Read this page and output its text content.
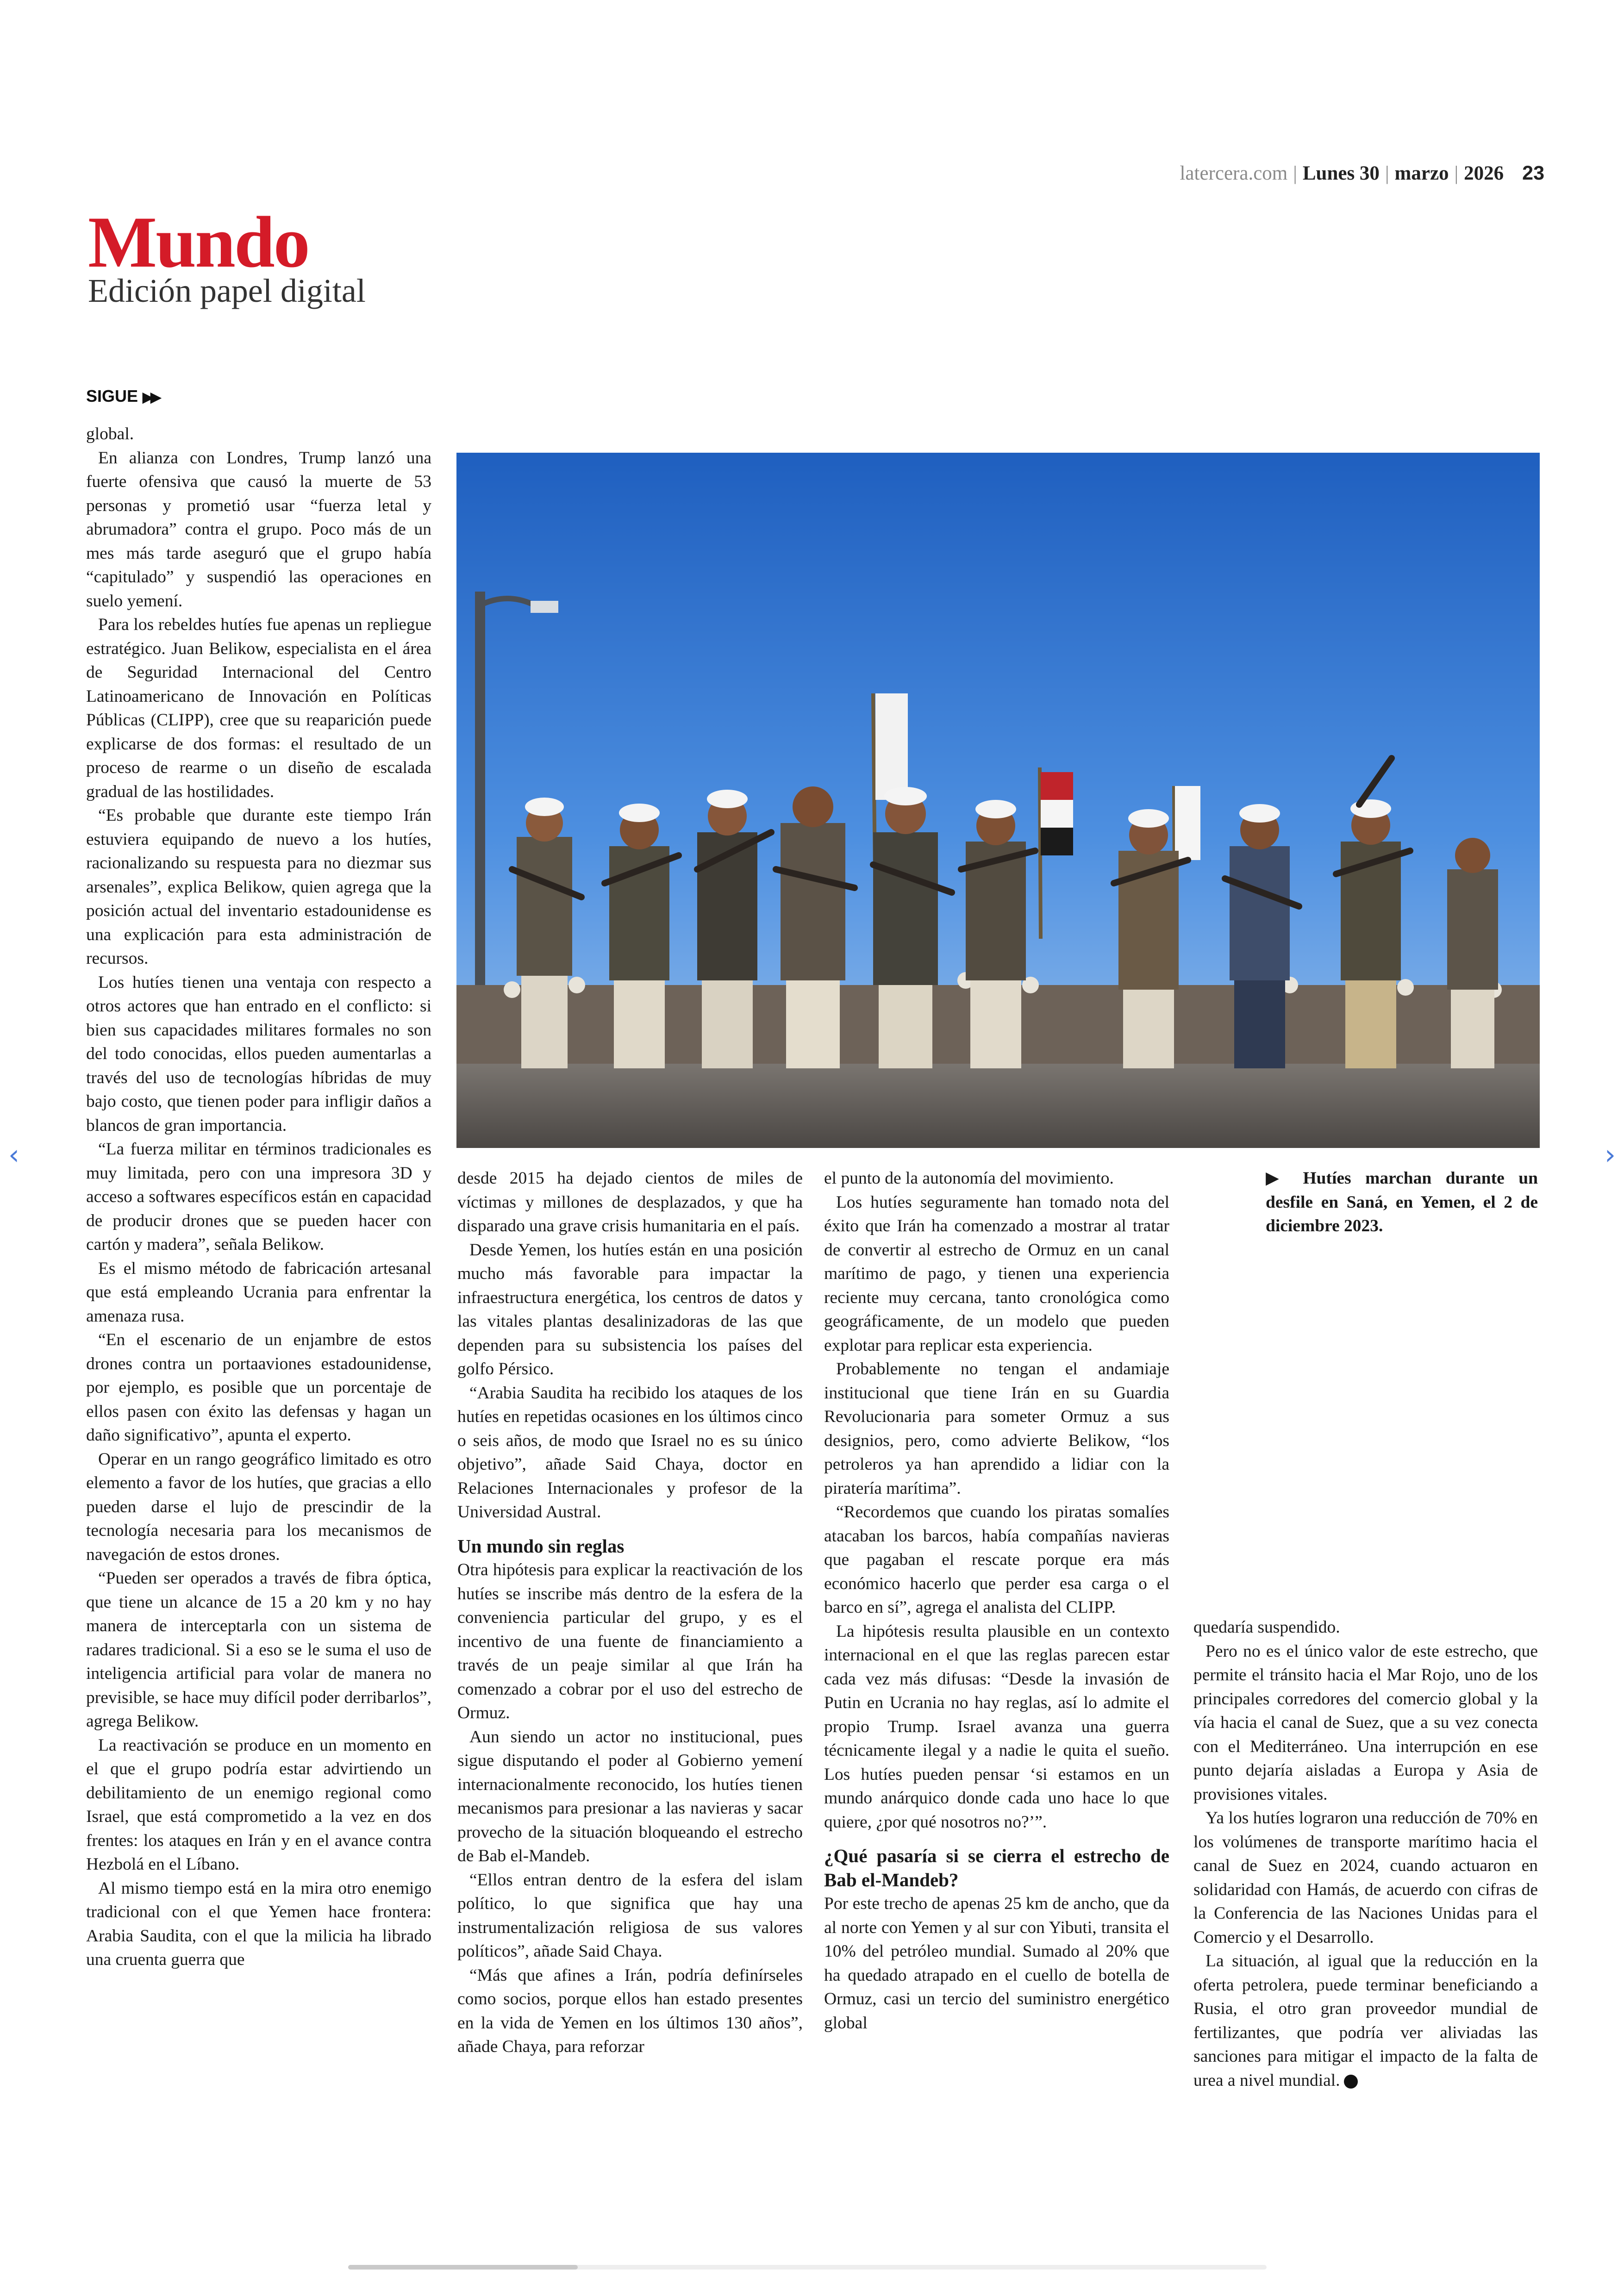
latercera.com | Lunes 30 | marzo | 2026 23
Mundo
Edición papel digital
SIGUE ▶▶

global.

En alianza con Londres, Trump lanzó una fuerte ofensiva que causó la muerte de 53 personas y prometió usar “fuerza letal y abrumadora” contra el grupo. Poco más de un mes más tarde aseguró que el grupo había “capitulado” y suspendió las operaciones en suelo yemení.

Para los rebeldes hutíes fue apenas un repliegue estratégico. Juan Belikow, especialista en el área de Seguridad Internacional del Centro Latinoamericano de Innovación en Políticas Públicas (CLIPP), cree que su reaparición puede explicarse de dos formas: el resultado de un proceso de rearme o un diseño de escalada gradual de las hostilidades.

“Es probable que durante este tiempo Irán estuviera equipando de nuevo a los hutíes, racionalizando su respuesta para no diezmar sus arsenales”, explica Belikow, quien agrega que la posición actual del inventario estadounidense es una explicación para esta administración de recursos.

Los hutíes tienen una ventaja con respecto a otros actores que han entrado en el conflicto: si bien sus capacidades militares formales no son del todo conocidas, ellos pueden aumentarlas a través del uso de tecnologías híbridas de muy bajo costo, que tienen poder para infligir daños a blancos de gran importancia.

“La fuerza militar en términos tradicionales es muy limitada, pero con una impresora 3D y acceso a softwares específicos están en capacidad de producir drones que se pueden hacer con cartón y madera”, señala Belikow.

Es el mismo método de fabricación artesanal que está empleando Ucrania para enfrentar la amenaza rusa.

“En el escenario de un enjambre de estos drones contra un portaaviones estadounidense, por ejemplo, es posible que un porcentaje de ellos pasen con éxito las defensas y hagan un daño significativo”, apunta el experto.

Operar en un rango geográfico limitado es otro elemento a favor de los hutíes, que gracias a ello pueden darse el lujo de prescindir de la tecnología necesaria para los mecanismos de navegación de estos drones.

“Pueden ser operados a través de fibra óptica, que tiene un alcance de 15 a 20 km y no hay manera de interceptarla con un sistema de radares tradicional. Si a eso se le suma el uso de inteligencia artificial para volar de manera no previsible, se hace muy difícil poder derribarlos”, agrega Belikow.

La reactivación se produce en un momento en el que el grupo podría estar advirtiendo un debilitamiento de un enemigo regional como Israel, que está comprometido a la vez en dos frentes: los ataques en Irán y en el avance contra Hezbolá en el Líbano.

Al mismo tiempo está en la mira otro enemigo tradicional con el que Yemen hace frontera: Arabia Saudita, con el que la milicia ha librado una cruenta guerra que

desde 2015 ha dejado cientos de miles de víctimas y millones de desplazados, y que ha disparado una grave crisis humanitaria en el país.

Desde Yemen, los hutíes están en una posición mucho más favorable para impactar la infraestructura energética, los centros de datos y las vitales plantas desalinizadoras de las que dependen para su subsistencia los países del golfo Pérsico.

“Arabia Saudita ha recibido los ataques de los hutíes en repetidas ocasiones en los últimos cinco o seis años, de modo que Israel no es su único objetivo”, añade Said Chaya, doctor en Relaciones Internacionales y profesor de la Universidad Austral.

Un mundo sin reglas

Otra hipótesis para explicar la reactivación de los hutíes se inscribe más dentro de la esfera de la conveniencia particular del grupo, y es el incentivo de una fuente de financiamiento a través de un peaje similar al que Irán ha comenzado a cobrar por el uso del estrecho de Ormuz.

Aun siendo un actor no institucional, pues sigue disputando el poder al Gobierno yemení internacionalmente reconocido, los hutíes tienen mecanismos para presionar a las navieras y sacar provecho de la situación bloqueando el estrecho de Bab el-Mandeb.

“Ellos entran dentro de la esfera del islam político, lo que significa que hay una instrumentalización religiosa de sus valores políticos”, añade Said Chaya.

“Más que afines a Irán, podría definírseles como socios, porque ellos han estado presentes en la vida de Yemen en los últimos 130 años”, añade Chaya, para reforzar

el punto de la autonomía del movimiento.

Los hutíes seguramente han tomado nota del éxito que Irán ha comenzado a mostrar al tratar de convertir al estrecho de Ormuz en un canal marítimo de pago, y tienen una experiencia reciente muy cercana, tanto cronológica como geográficamente, de un modelo que pueden explotar para replicar esta experiencia.

Probablemente no tengan el andamiaje institucional que tiene Irán en su Guardia Revolucionaria para someter Ormuz a sus designios, pero, como advierte Belikow, “los petroleros ya han aprendido a lidiar con la piratería marítima”.

“Recordemos que cuando los piratas somalíes atacaban los barcos, había compañías navieras que pagaban el rescate porque era más económico hacerlo que perder esa carga o el barco en sí”, agrega el analista del CLIPP.

La hipótesis resulta plausible en un contexto internacional en el que las reglas parecen estar cada vez más difusas: “Desde la invasión de Putin en Ucrania no hay reglas, así lo admite el propio Trump. Israel avanza una guerra técnicamente ilegal y a nadie le quita el sueño. Los hutíes pueden pensar ‘si estamos en un mundo anárquico donde cada uno hace lo que quiere, ¿por qué nosotros no?’”.

¿Qué pasaría si se cierra el estrecho de Bab el-Mandeb?

Por este trecho de apenas 25 km de ancho, que da al norte con Yemen y al sur con Yibuti, transita el 10% del petróleo mundial. Sumado al 20% que ha quedado atrapado en el cuello de botella de Ormuz, casi un tercio del suministro energético global

▶ Hutíes marchan durante un desfile en Saná, en Yemen, el 2 de diciembre 2023.

quedaría suspendido.

Pero no es el único valor de este estrecho, que permite el tránsito hacia el Mar Rojo, uno de los principales corredores del comercio global y la vía hacia el canal de Suez, que a su vez conecta con el Mediterráneo. Una interrupción en ese punto dejaría aisladas a Europa y Asia de provisiones vitales.

Ya los hutíes lograron una reducción de 70% en los volúmenes de transporte marítimo hacia el canal de Suez en 2024, cuando actuaron en solidaridad con Hamás, de acuerdo con cifras de la Conferencia de las Naciones Unidas para el Comercio y el Desarrollo.

La situación, al igual que la reducción en la oferta petrolera, puede terminar beneficiando a Rusia, el otro gran proveedor mundial de fertilizantes, que podría ver aliviadas las sanciones para mitigar el impacto de la falta de urea a nivel mundial.

‹	›
